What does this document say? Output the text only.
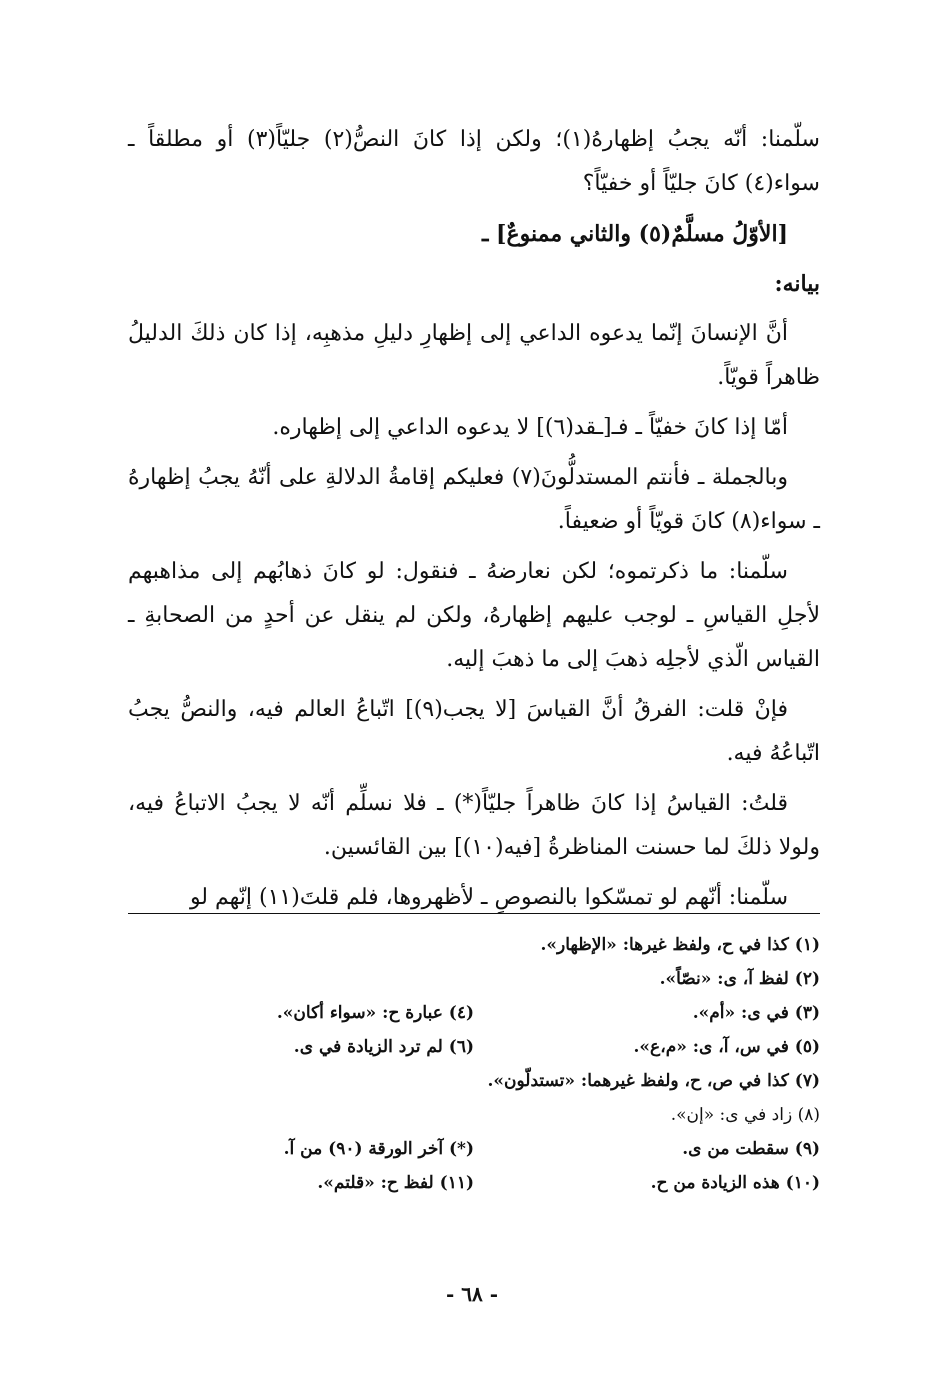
سلّمنا: أنّه يجبُ إظهارهُ(١)؛ ولكن إذا كانَ النصُّ(٢) جليّاً(٣) أو مطلقاً ـ سواء(٤) كانَ جليّاً أو خفيّاً؟

[الأوّلُ مسلَّمٌ(٥) والثاني ممنوعٌ] ـ

بيانه:

أنَّ الإنسانَ إنّما يدعوه الداعي إلى إظهارِ دليلِ مذهبِه، إذا كان ذلكَ الدليلُ ظاهراً قويّاً.

أمّا إذا كانَ خفيّاً ـ فـ[ـقد(٦)] لا يدعوه الداعي إلى إظهاره.

وبالجملة ـ فأنتم المستدلُّونَ(٧) فعليكم إقامةُ الدلالةِ على أنّهُ يجبُ إظهارهُ ـ سواء(٨) كانَ قويّاً أو ضعيفاً.

سلّمنا: ما ذكرتموه؛ لكن نعارضهُ ـ فنقول: لو كانَ ذهابُهم إلى مذاهبهم لأجلِ القياسِ ـ لوجب عليهم إظهارهُ، ولكن لم ينقل عن أحدٍ من الصحابةِ ـ القياس الّذي لأجلِه ذهبَ إلى ما ذهبَ إليه.

فإنْ قلت: الفرقُ أنَّ القياسَ [لا يجب(٩)] اتّباعُ العالم فيه، والنصُّ يجبُ اتّباعُهُ فيه.

قلتُ: القياسُ إذا كانَ ظاهراً جليّاً(*) ـ فلا نسلِّم أنّه لا يجبُ الاتباعُ فيه، ولولا ذلكَ لما حسنت المناظرةُ [فيه(١٠)] بين القائسين.

سلّمنا: أنّهم لو تمسّكوا بالنصوصِ ـ لأظهروها، فلم قلتَ(١١) إنّهم لو

(١) كذا في ح، ولفظ غيرها: «الإظهار».
(٢) لفظ آ، ى: «نصّاً».
(٣) في ى: «أم».
(٤) عبارة ح: «سواء أكان».
(٥) في س، آ، ى: «م،ع».
(٦) لم ترد الزيادة في ى.
(٧) كذا في ص، ح، ولفظ غيرهما: «تستدلّون».
(٨) زاد في ى: «إن».
(٩) سقطت من ى.
(*) آخر الورقة (٩٠) من آ.
(١٠) هذه الزيادة من ح.
(١١) لفظ ح: «قلتم».
- ٦٨ -
